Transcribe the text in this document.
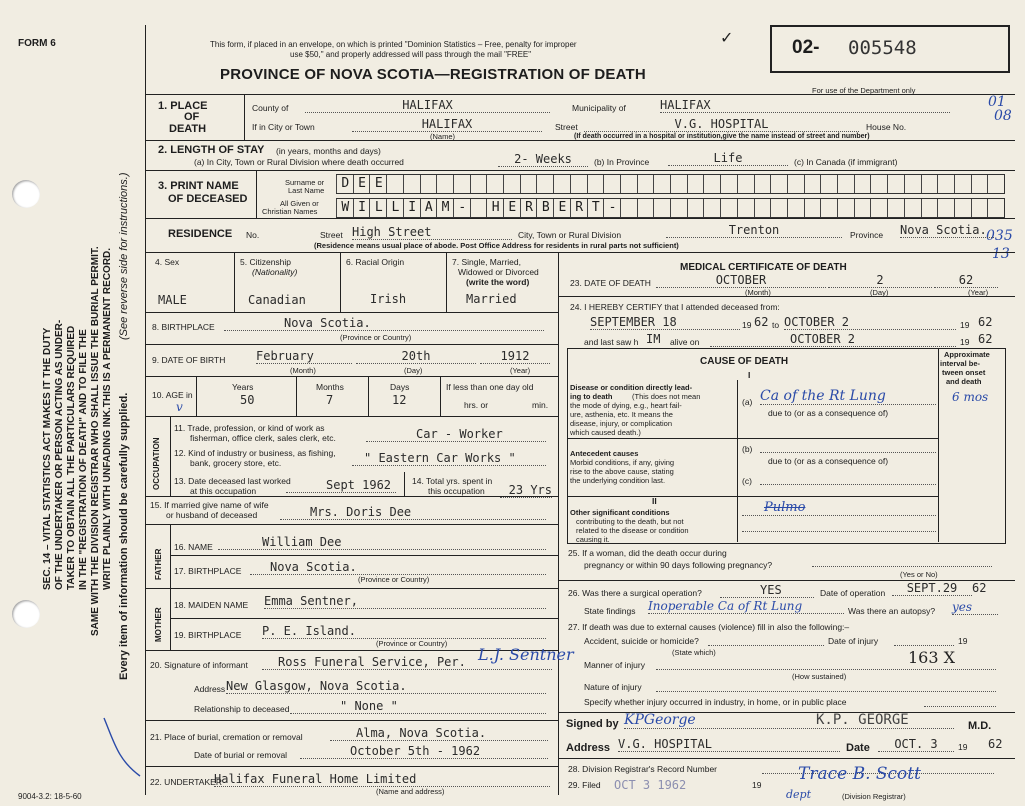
FORM 6	This form, if placed in an envelope, on which is printed "Dominion Statistics – Free, penalty for improper
use $50," and properly addressed will pass through the mail "FREE"
PROVINCE OF NOVA SCOTIA—REGISTRATION OF DEATH
02- 005548
For use of the Department only
01
08
035
13
✓
SEC. 14 – VITAL STATISTICS ACT MAKES IT THE DUTY OF THE UNDERTAKER OR PERSON ACTING AS UNDER- TAKER TO OBTAIN ALL THE PARTICULARS REQUIRED IN THE "REGISTRATION OF DEATH" AND TO FILE THE SAME WITH THE DIVISION REGISTRAR WHO SHALL ISSUE THE BURIAL PERMIT. WRITE PLAINLY WITH UNFADING INK.THIS IS A PERMANENT RECORD. Every item of information should be carefully supplied.
(See reverse side for instructions.)
1. PLACE
OF
DEATH
County of	HALIFAX	Municipality of	HALIFAX
If in City or Town	HALIFAX
(Name)
Street	V.G. HOSPITAL	House No.
(If death occurred in a hospital or institution,give the name instead of street and number)
2. LENGTH OF STAY (in years, months and days)
(a) In City, Town or Rural Division where death occurred	2- Weeks	(b) In Province	Life	(c) In Canada (if immigrant)
3. PRINT NAME
OF DECEASED
Surname or
Last Name
All Given or
Christian Names
D E E
W I L L I A M -	H E R B E R T -
RESIDENCE No.	Street High Street	City, Town or Rural Division	Trenton	Province Nova Scotia.
(Residence means usual place of abode. Post Office Address for residents in rural parts not sufficient)
4. Sex
MALE
5. Citizenship
(Nationality)
Canadian
6. Racial Origin
Irish
7. Single, Married,
Widowed or Divorced
(write the word)
Married
8. BIRTHPLACE	Nova Scotia.
(Province or Country)
9. DATE OF BIRTH	February	20th	1912
(Month)	(Day)	(Year)
10. AGE in
v
Years
50
Months
7
Days
12
If less than one day old
hrs. or	min.
OCCUPATION
11. Trade, profession, or kind of work as
fisherman, office clerk, sales clerk, etc.	Car - Worker
12. Kind of industry or business, as fishing,
bank, grocery store, etc.	" Eastern Car Works "
13. Date deceased last worked
at this occupation	Sept 1962	14. Total yrs. spent in
this occupation	23 Yrs
15. If married give name of wife
or husband of deceased	Mrs. Doris Dee
FATHER
16. NAME	William Dee
17. BIRTHPLACE	Nova Scotia.
(Province or Country)
MOTHER
18. MAIDEN NAME Emma Sentner,
19. BIRTHPLACE P. E. Island.
(Province or Country)
20. Signature of informant	Ross Funeral Service, Per. L.J. Sentner
Address New Glasgow, Nova Scotia.
Relationship to deceased	" None "
21. Place of burial, cremation or removal	Alma, Nova Scotia.
Date of burial or removal	October 5th - 1962
22. UNDERTAKER
Halifax Funeral Home Limited
(Name and address)
9004-3.2: 18-5-60
MEDICAL CERTIFICATE OF DEATH
23. DATE OF DEATH	OCTOBER	2	62
(Month)	(Day)	(Year)
24. I HEREBY CERTIFY that I attended deceased from:
SEPTEMBER 18	19 62 to OCTOBER 2	19 62
and last saw h IM alive on	OCTOBER 2	19 62
CAUSE OF DEATH
Approximate
interval be-
tween onset
and death
I
Disease or condition directly lead-
ing to death	(This does not mean
the mode of dying, e.g., heart fail-
ure, asthenia, etc. It means the
disease, injury, or complication
which caused death.)
(a) Ca of the Rt Lung	6 mos
due to (or as a consequence of)
Antecedent causes
Morbid conditions, if any, giving
rise to the above cause, stating
the underlying condition last.
(b)
due to (or as a consequence of)
(c)
II
Other significant conditions
contributing to the death, but not
related to the disease or condition
causing it.
Pulmo
25. If a woman, did the death occur during
pregnancy or within 90 days following pregnancy?
(Yes or No)
26. Was there a surgical operation?	YES	Date of operation	SEPT.29	62
State findings Inoperable Ca of Rt Lung	Was there an autopsy? yes
27. If death was due to external causes (violence) fill in also the following:–
Accident, suicide or homicide?	Date of injury	19
(State which)
Manner of injury	163 X
(How sustained)
Nature of injury
Specify whether injury occurred in industry, in home, or in public place
Signed by KPGeorge	K.P. GEORGE	M.D.
Address V.G. HOSPITAL	Date	OCT. 3	19 62
28. Division Registrar's Record Number
29. Filed OCT 3 1962	19
Trace B. Scott
dept	(Division Registrar)
